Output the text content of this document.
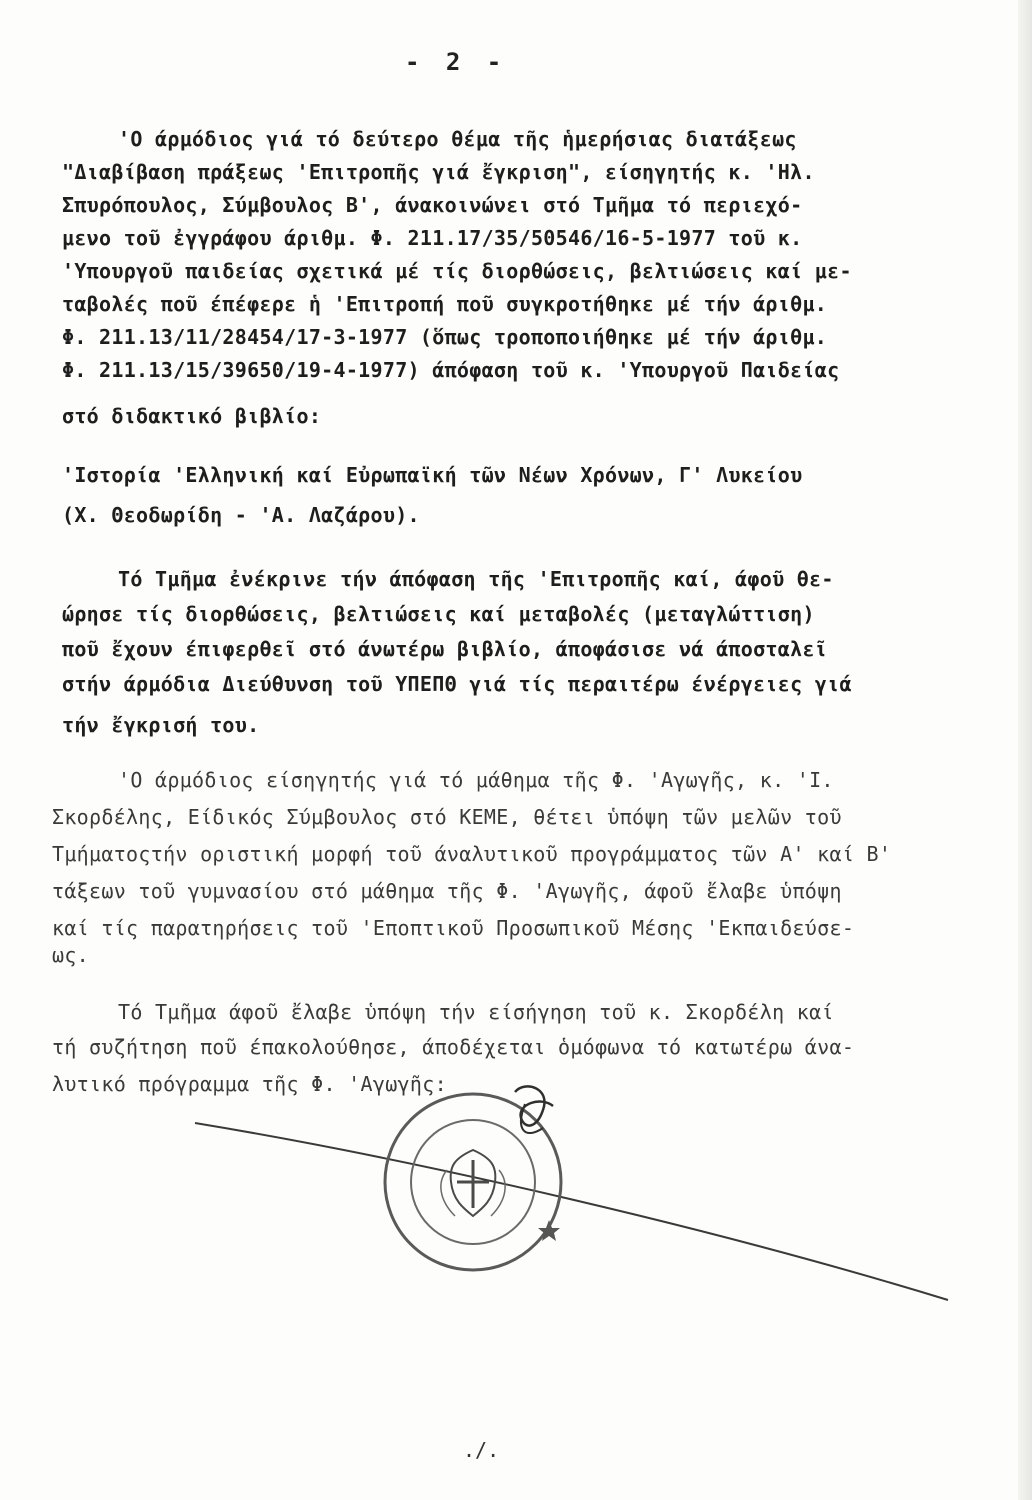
- 2 -
'Ο άρμόδιος γιά τό δεύτερο θέμα τῆς ἡμερήσιας διατάξεως
"Διαβίβαση πράξεως 'Επιτροπῆς γιά ἔγκριση", είσηγητής κ. 'Ηλ.
Σπυρόπουλος, Σύμβουλος Β', άνακοινώνει στό Τμῆμα τό περιεχό-
μενο τοῦ ἐγγράφου άριθμ. Φ. 211.17/35/50546/16-5-1977 τοῦ κ.
'Υπουργοῦ παιδείας σχετικά μέ τίς διορθώσεις, βελτιώσεις καί με-
ταβολές ποῦ έπέφερε ἡ 'Επιτροπή ποῦ συγκροτήθηκε μέ τήν άριθμ.
Φ. 211.13/11/28454/17-3-1977 (ὅπως τροποποιήθηκε μέ τήν άριθμ.
Φ. 211.13/15/39650/19-4-1977) άπόφαση τοῦ κ. 'Υπουργοῦ Παιδείας
στό διδακτικό βιβλίο:
'Ιστορία 'Ελληνική καί Εὐρωπαϊκή τῶν Νέων Χρόνων, Γ' Λυκείου
(Χ. Θεοδωρίδη - 'Α. Λαζάρου).
Τό Τμῆμα ἐνέκρινε τήν άπόφαση τῆς 'Επιτροπῆς καί, άφοῦ θε-
ώρησε τίς διορθώσεις, βελτιώσεις καί μεταβολές (μεταγλώττιση)
ποῦ ἔχουν έπιφερθεῖ στό άνωτέρω βιβλίο, άποφάσισε νά άποσταλεῖ
στήν άρμόδια Διεύθυνση τοῦ ΥΠΕΠΘ γιά τίς περαιτέρω ένέργειες γιά
τήν ἔγκρισή του.
'Ο άρμόδιος είσηγητής γιά τό μάθημα τῆς Φ. 'Αγωγῆς, κ. 'Ι.
Σκορδέλης, Είδικός Σύμβουλος στό ΚΕΜΕ, θέτει ὑπόψη τῶν μελῶν τοῦ
Τμήματοςτήν οριστική μορφή τοῦ άναλυτικοῦ προγράμματος τῶν Α' καί Β'
τάξεων τοῦ γυμνασίου στό μάθημα τῆς Φ. 'Αγωγῆς, άφοῦ ἔλαβε ὑπόψη
καί τίς παρατηρήσεις τοῦ 'Εποπτικοῦ Προσωπικοῦ Μέσης 'Εκπαιδεύσε-
ως.
Τό Τμῆμα άφοῦ ἔλαβε ὑπόψη τήν είσήγηση τοῦ κ. Σκορδέλη καί
τή συζήτηση ποῦ έπακολούθησε, άποδέχεται ὁμόφωνα τό κατωτέρω άνα-
λυτικό πρόγραμμα τῆς Φ. 'Αγωγῆς:
./.
